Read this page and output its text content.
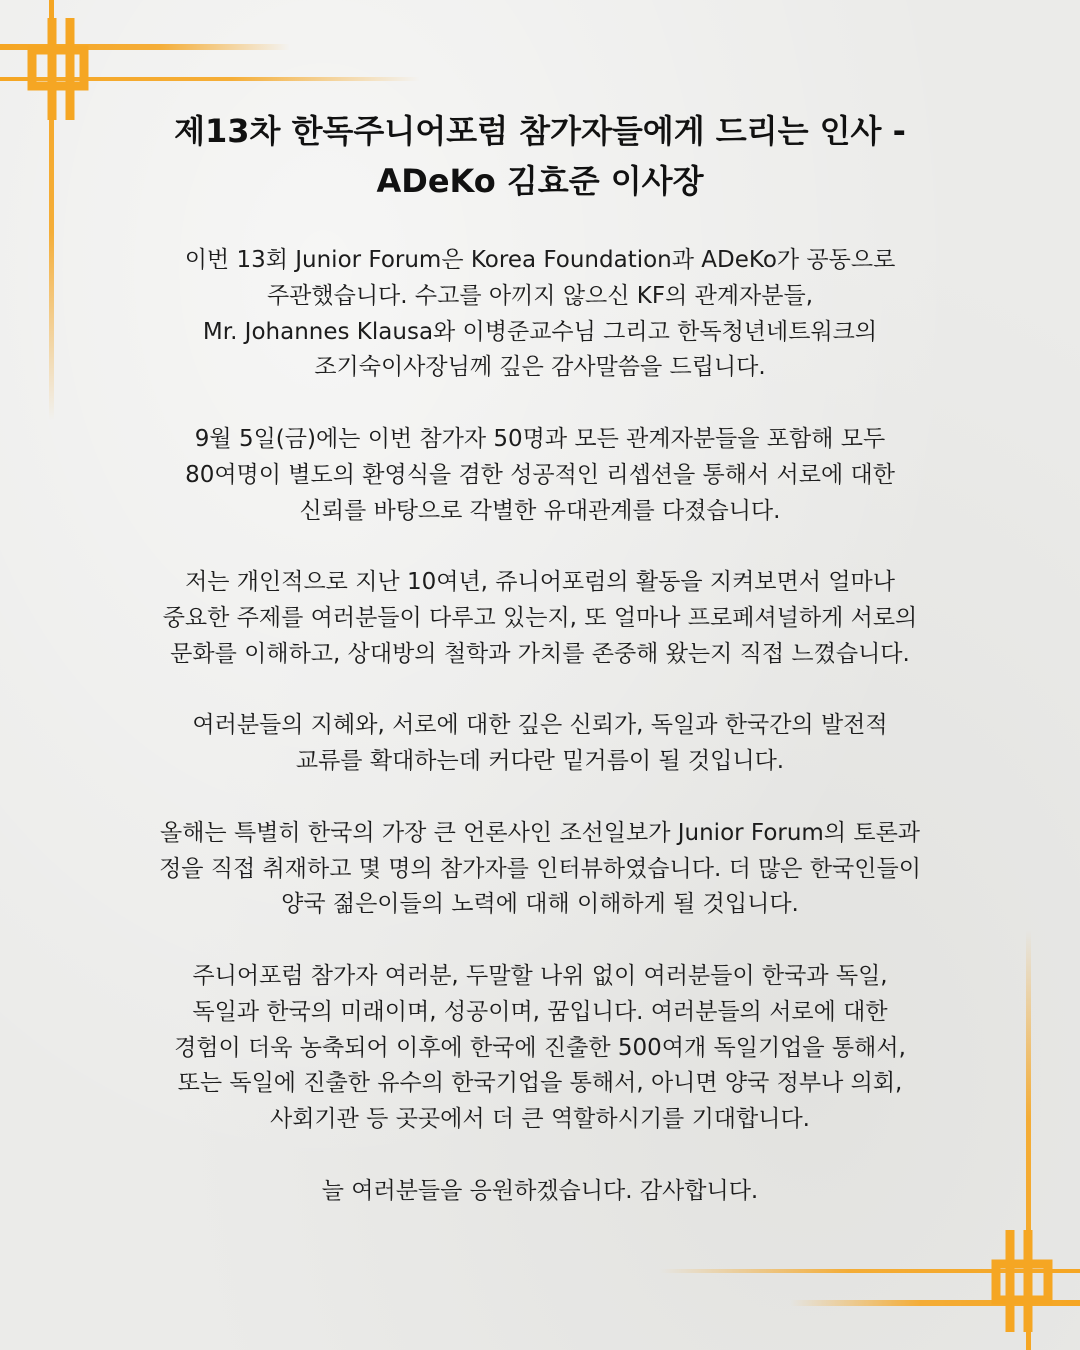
제13차 한독주니어포럼 참가자들에게 드리는 인사 -
ADeKo 김효준 이사장

이번 13회 Junior Forum은 Korea Foundation과 ADeKo가 공동으로
주관했습니다. 수고를 아끼지 않으신 KF의 관계자분들,
Mr. Johannes Klausa와 이병준교수님 그리고 한독청년네트워크의
조기숙이사장님께 깊은 감사말씀을 드립니다.

9월 5일(금)에는 이번 참가자 50명과 모든 관계자분들을 포함해 모두
80여명이 별도의 환영식을 겸한 성공적인 리셉션을 통해서 서로에 대한
신뢰를 바탕으로 각별한 유대관계를 다졌습니다.

저는 개인적으로 지난 10여년, 쥬니어포럼의 활동을 지켜보면서 얼마나
중요한 주제를 여러분들이 다루고 있는지, 또 얼마나 프로페셔널하게 서로의
문화를 이해하고, 상대방의 철학과 가치를 존중해 왔는지 직접 느꼈습니다.

여러분들의 지혜와, 서로에 대한 깊은 신뢰가, 독일과 한국간의 발전적
교류를 확대하는데 커다란 밑거름이 될 것입니다.

올해는 특별히 한국의 가장 큰 언론사인 조선일보가 Junior Forum의 토론과
정을 직접 취재하고 몇 명의 참가자를 인터뷰하였습니다. 더 많은 한국인들이
양국 젊은이들의 노력에 대해 이해하게 될 것입니다.

주니어포럼 참가자 여러분, 두말할 나위 없이 여러분들이 한국과 독일,
독일과 한국의 미래이며, 성공이며, 꿈입니다. 여러분들의 서로에 대한
경험이 더욱 농축되어 이후에 한국에 진출한 500여개 독일기업을 통해서,
또는 독일에 진출한 유수의 한국기업을 통해서, 아니면 양국 정부나 의회,
사회기관 등 곳곳에서 더 큰 역할하시기를 기대합니다.

늘 여러분들을 응원하겠습니다. 감사합니다.
